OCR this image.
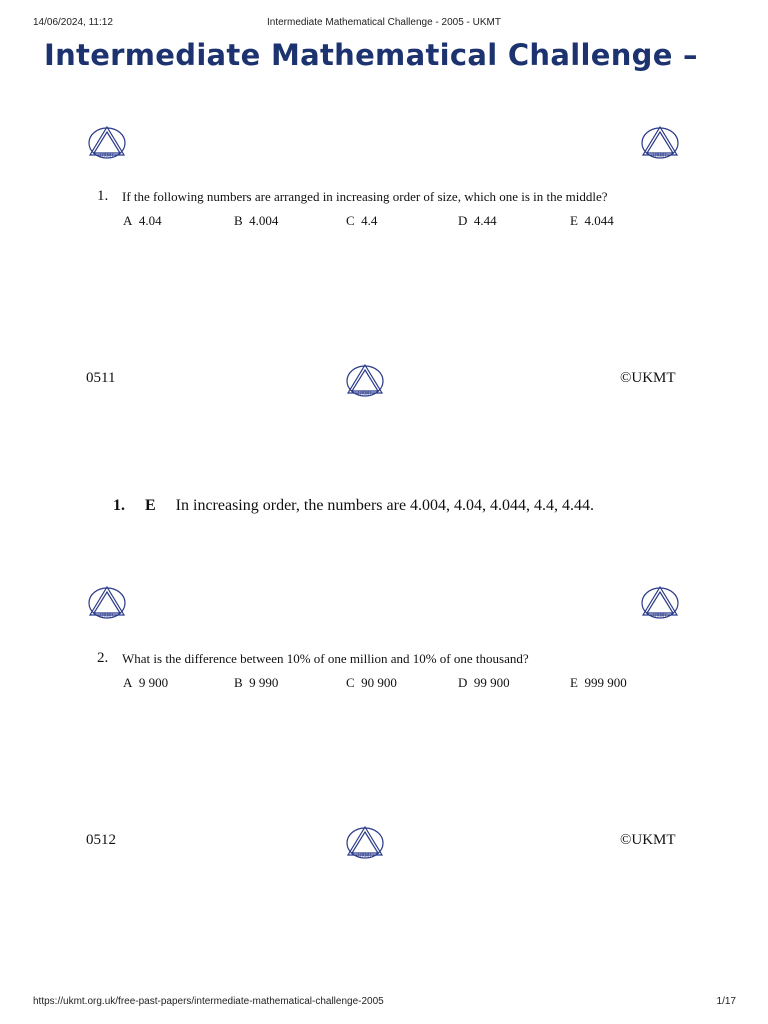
14/06/2024, 11:12	Intermediate Mathematical Challenge - 2005 - UKMT
Intermediate Mathematical Challenge –
UKMT	UKMT
1. If the following numbers are arranged in increasing order of size, which one is in the middle?
A 4.04	B 4.004	C 4.4	D 4.44	E 4.044
0511
UKMT
©UKMT
1. E In increasing order, the numbers are 4.004, 4.04, 4.044, 4.4, 4.44.
UKMT	UKMT
2. What is the difference between 10% of one million and 10% of one thousand?
A 9 900	B 9 990	C 90 900	D 99 900	E 999 900
0512
UKMT
©UKMT
https://ukmt.org.uk/free-past-papers/intermediate-mathematical-challenge-2005	1/17
